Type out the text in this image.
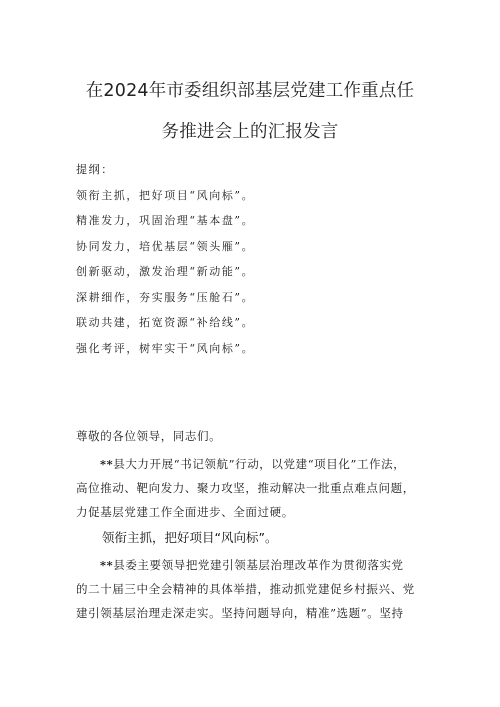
在2024年市委组织部基层党建工作重点任
务推进会上的汇报发言
提纲：
领衔主抓，把好项目“风向标”。
精准发力，巩固治理“基本盘”。
协同发力，培优基层“领头雁”。
创新驱动，激发治理“新动能”。
深耕细作，夯实服务“压舱石”。
联动共建，拓宽资源“补给线”。
强化考评，树牢实干“风向标”。
尊敬的各位领导，同志们。
**县大力开展“书记领航”行动，以党建“项目化”工作法，
高位推动、靶向发力、聚力攻坚，推动解决一批重点难点问题，
力促基层党建工作全面进步、全面过硬。
领衔主抓，把好项目“风向标”。
**县委主要领导把党建引领基层治理改革作为贯彻落实党
的二十届三中全会精神的具体举措，推动抓党建促乡村振兴、党
建引领基层治理走深走实。坚持问题导向，精准”选题”。坚持
